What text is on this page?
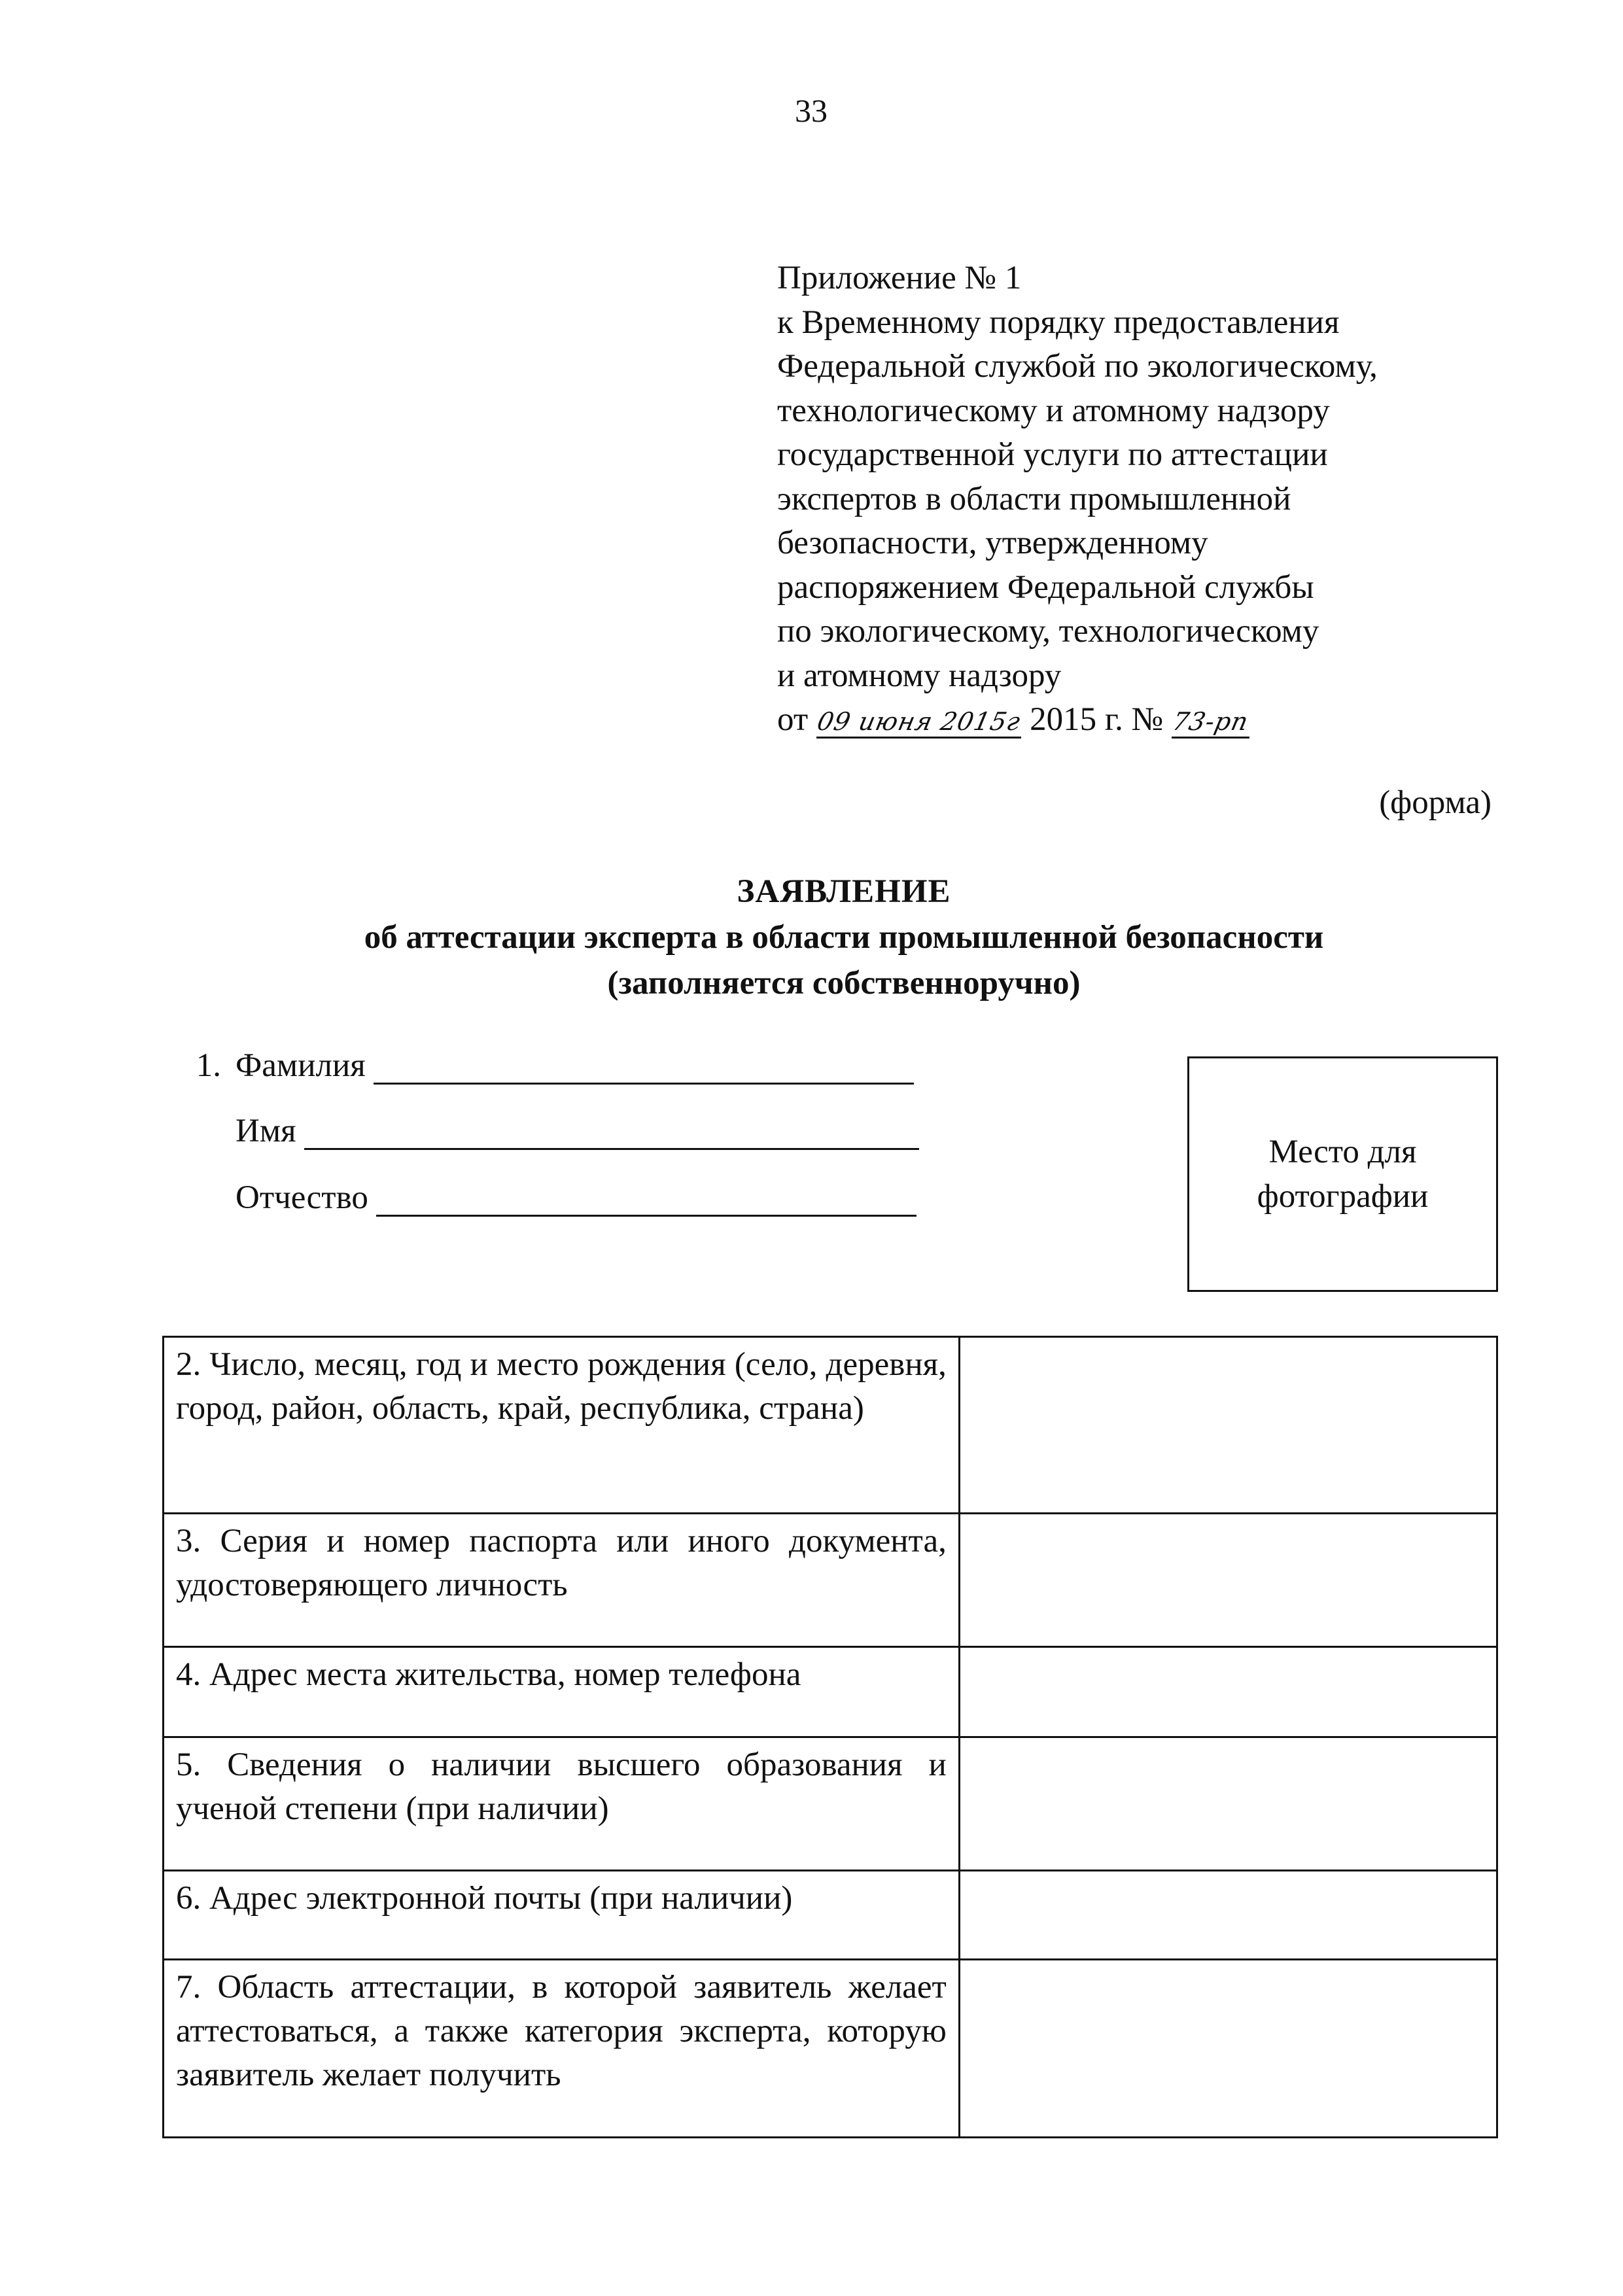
33
Приложение № 1
к Временному порядку предоставления
Федеральной службой по экологическому,
технологическому и атомному надзору
государственной услуги по аттестации
экспертов в области промышленной
безопасности, утвержденному
распоряжением Федеральной службы
по экологическому, технологическому
и атомному надзору
от 09 июня 2015г 2015 г. № 73-рп
(форма)
ЗАЯВЛЕНИЕ
об аттестации эксперта в области промышленной безопасности
(заполняется собственноручно)
1. Фамилия
Имя
Отчество
Место для
фотографии
2. Число, месяц, год и место рождения (село, деревня, город, район, область, край, республика, страна)	
3. Серия и номер паспорта или иного документа, удостоверяющего личность	
4. Адрес места жительства, номер телефона	
5. Сведения о наличии высшего образования и ученой степени (при наличии)	
6. Адрес электронной почты (при наличии)	
7. Область аттестации, в которой заявитель желает аттестоваться, а также категория эксперта, которую заявитель желает получить	
